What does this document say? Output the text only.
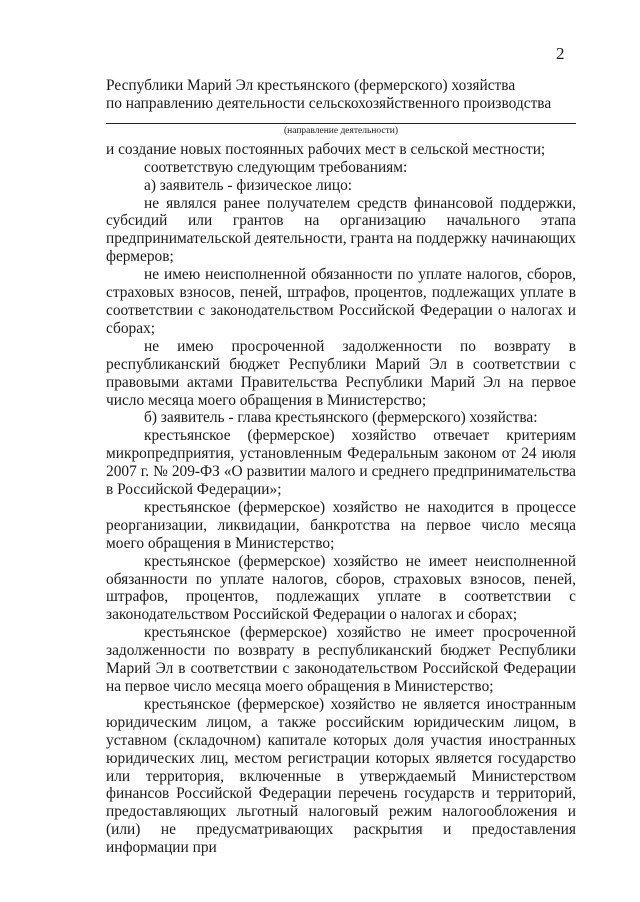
2

Республики Марий Эл крестьянского (фермерского) хозяйства

по направлению деятельности сельскохозяйственного производства

(направление деятельности)

и создание новых постоянных рабочих мест в сельской местности;

соответствую следующим требованиям:

а) заявитель - физическое лицо:

не являлся ранее получателем средств финансовой поддержки, субсидий или грантов на организацию начального этапа предпринимательской деятельности, гранта на поддержку начинающих фермеров;

не имею неисполненной обязанности по уплате налогов, сборов, страховых взносов, пеней, штрафов, процентов, подлежащих уплате в соответствии с законодательством Российской Федерации о налогах и сборах;

не имею просроченной задолженности по возврату в республиканский бюджет Республики Марий Эл в соответствии с правовыми актами Правительства Республики Марий Эл на первое число месяца моего обращения в Министерство;

б) заявитель - глава крестьянского (фермерского) хозяйства:

крестьянское (фермерское) хозяйство отвечает критериям микропредприятия, установленным Федеральным законом от 24 июля 2007 г. № 209-ФЗ «О развитии малого и среднего предпринимательства в Российской Федерации»;

крестьянское (фермерское) хозяйство не находится в процессе реорганизации, ликвидации, банкротства на первое число месяца моего обращения в Министерство;

крестьянское (фермерское) хозяйство не имеет неисполненной обязанности по уплате налогов, сборов, страховых взносов, пеней, штрафов, процентов, подлежащих уплате в соответствии с законодательством Российской Федерации о налогах и сборах;

крестьянское (фермерское) хозяйство не имеет просроченной задолженности по возврату в республиканский бюджет Республики Марий Эл в соответствии с законодательством Российской Федерации на первое число месяца моего обращения в Министерство;

крестьянское (фермерское) хозяйство не является иностранным юридическим лицом, а также российским юридическим лицом, в уставном (складочном) капитале которых доля участия иностранных юридических лиц, местом регистрации которых является государство или территория, включенные в утверждаемый Министерством финансов Российской Федерации перечень государств и территорий, предоставляющих льготный налоговый режим налогообложения и (или) не предусматривающих раскрытия и предоставления информации при
